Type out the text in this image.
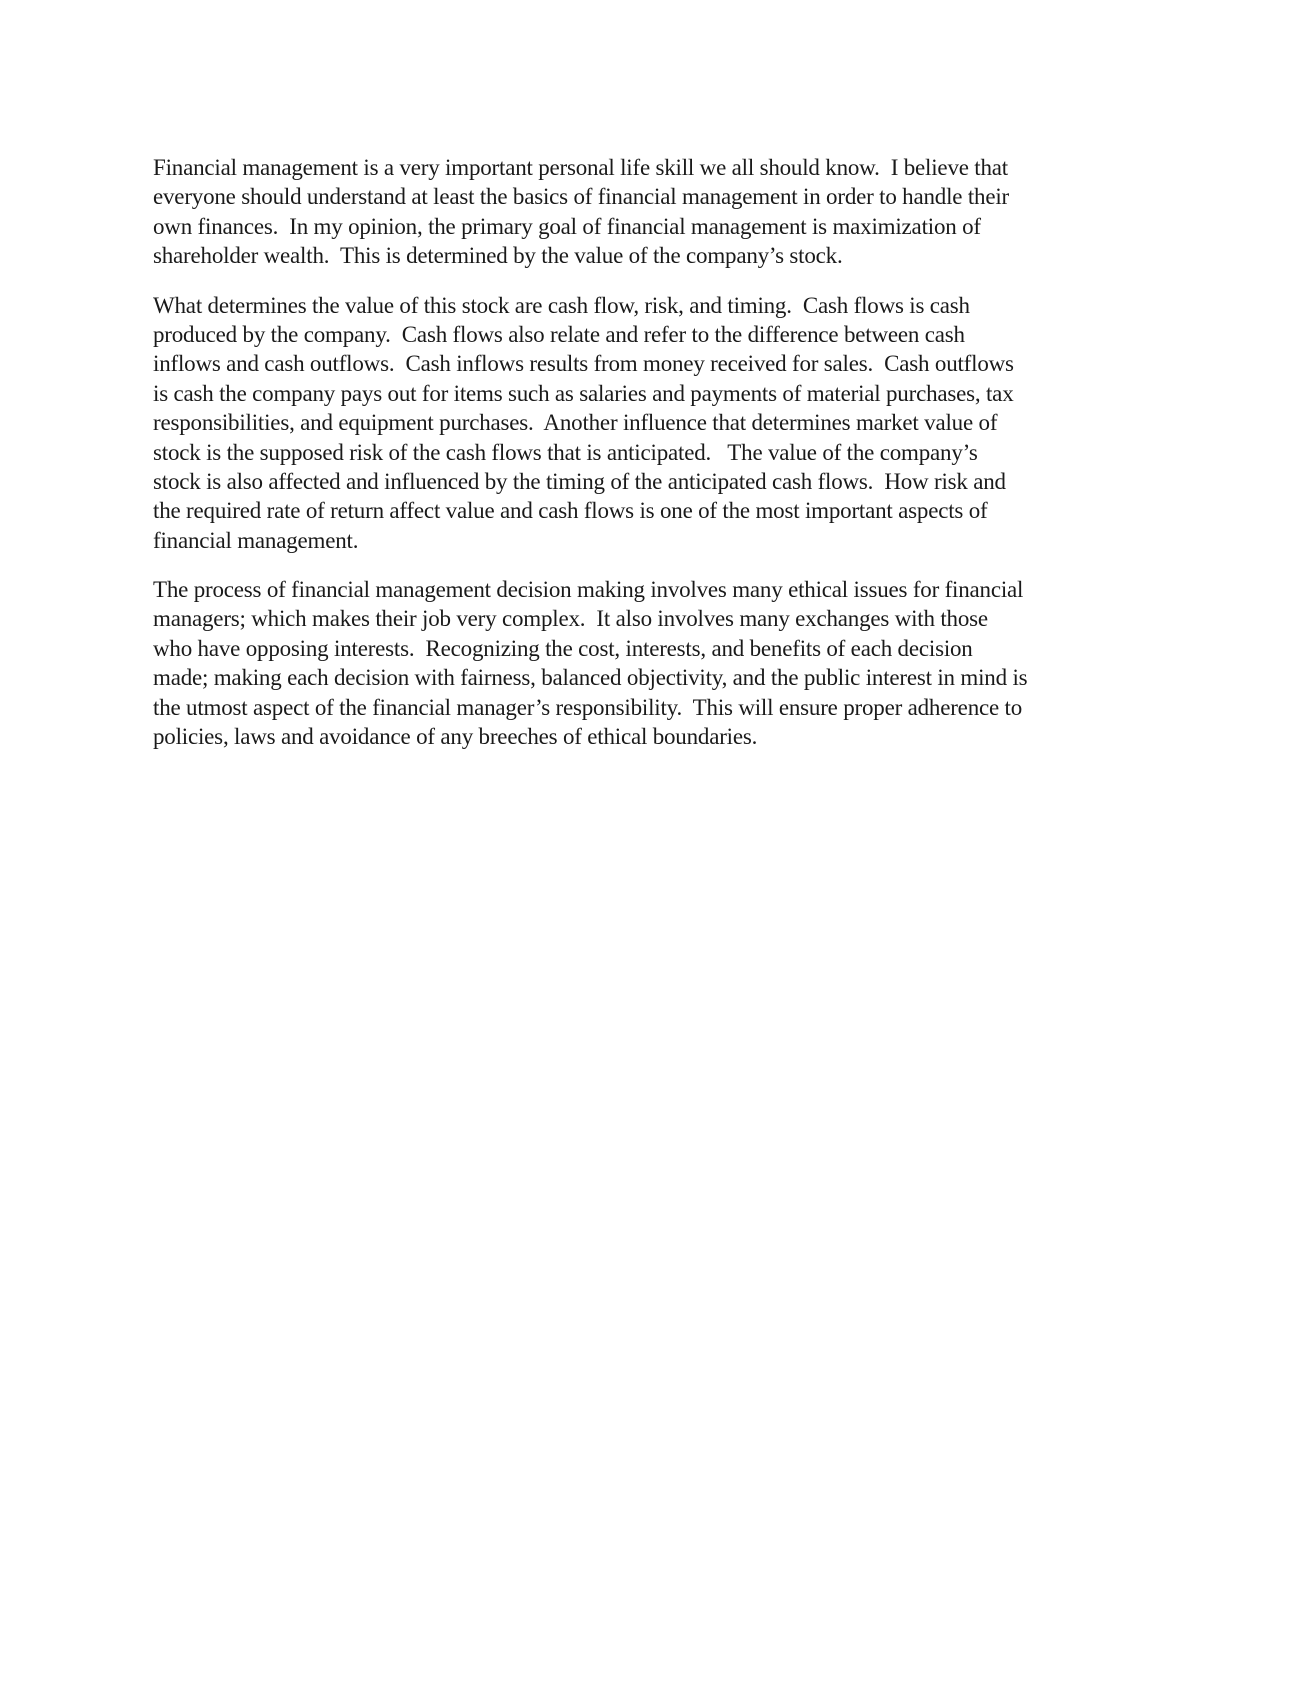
Financial management is a very important personal life skill we all should know.  I believe that
everyone should understand at least the basics of financial management in order to handle their
own finances.  In my opinion, the primary goal of financial management is maximization of
shareholder wealth.  This is determined by the value of the company’s stock.

What determines the value of this stock are cash flow, risk, and timing.  Cash flows is cash
produced by the company.  Cash flows also relate and refer to the difference between cash
inflows and cash outflows.  Cash inflows results from money received for sales.  Cash outflows
is cash the company pays out for items such as salaries and payments of material purchases, tax
responsibilities, and equipment purchases.  Another influence that determines market value of
stock is the supposed risk of the cash flows that is anticipated.   The value of the company’s
stock is also affected and influenced by the timing of the anticipated cash flows.  How risk and
the required rate of return affect value and cash flows is one of the most important aspects of
financial management.

The process of financial management decision making involves many ethical issues for financial
managers; which makes their job very complex.  It also involves many exchanges with those
who have opposing interests.  Recognizing the cost, interests, and benefits of each decision
made; making each decision with fairness, balanced objectivity, and the public interest in mind is
the utmost aspect of the financial manager’s responsibility.  This will ensure proper adherence to
policies, laws and avoidance of any breeches of ethical boundaries.
